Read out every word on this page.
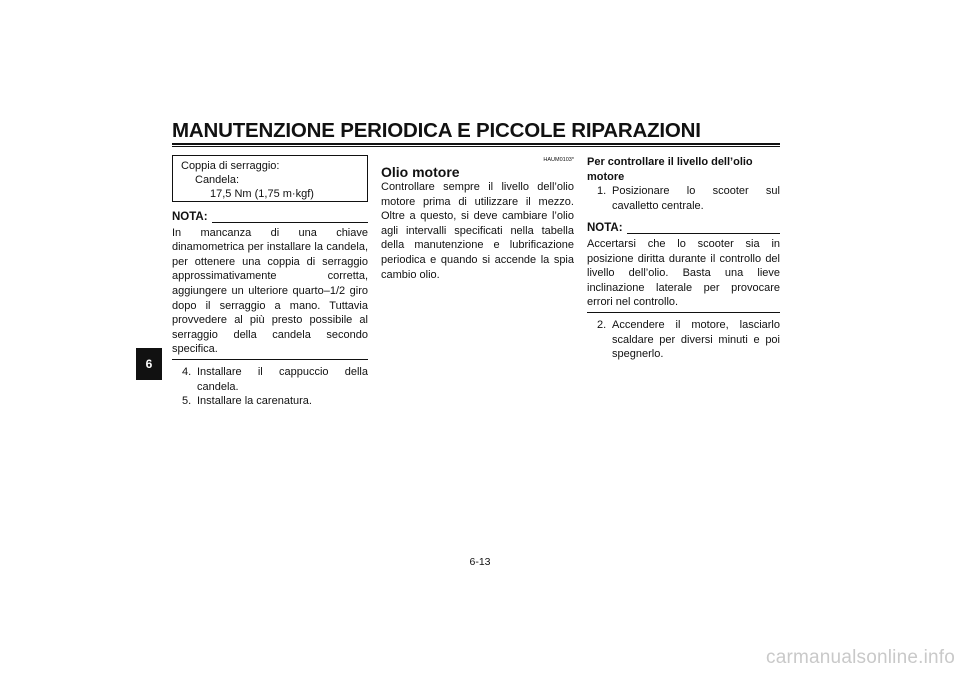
MANUTENZIONE PERIODICA E PICCOLE RIPARAZIONI
6
Coppia di serraggio:
Candela:
17,5 Nm (1,75 m·kgf)
NOTA:
In mancanza di una chiave dinamometrica per installare la candela, per ottenere una coppia di serraggio approssimativamente corretta, aggiungere un ulteriore quarto–1/2 giro dopo il serraggio a mano. Tuttavia provvedere al più presto possibile al serraggio della candela secondo specifica.
4. Installare il cappuccio della candela.
5. Installare la carenatura.
HAUM0103*
Olio motore
Controllare sempre il livello dell’olio motore prima di utilizzare il mezzo. Oltre a questo, si deve cambiare l’olio agli intervalli specificati nella tabella della manutenzione e lubrificazione periodica e quando si accende la spia cambio olio.
Per controllare il livello dell’olio motore
1. Posizionare lo scooter sul cavalletto centrale.
NOTA:
Accertarsi che lo scooter sia in posizione diritta durante il controllo del livello dell’olio. Basta una lieve inclinazione laterale per provocare errori nel controllo.
2. Accendere il motore, lasciarlo scaldare per diversi minuti e poi spegnerlo.
6-13
carmanualsonline.info
